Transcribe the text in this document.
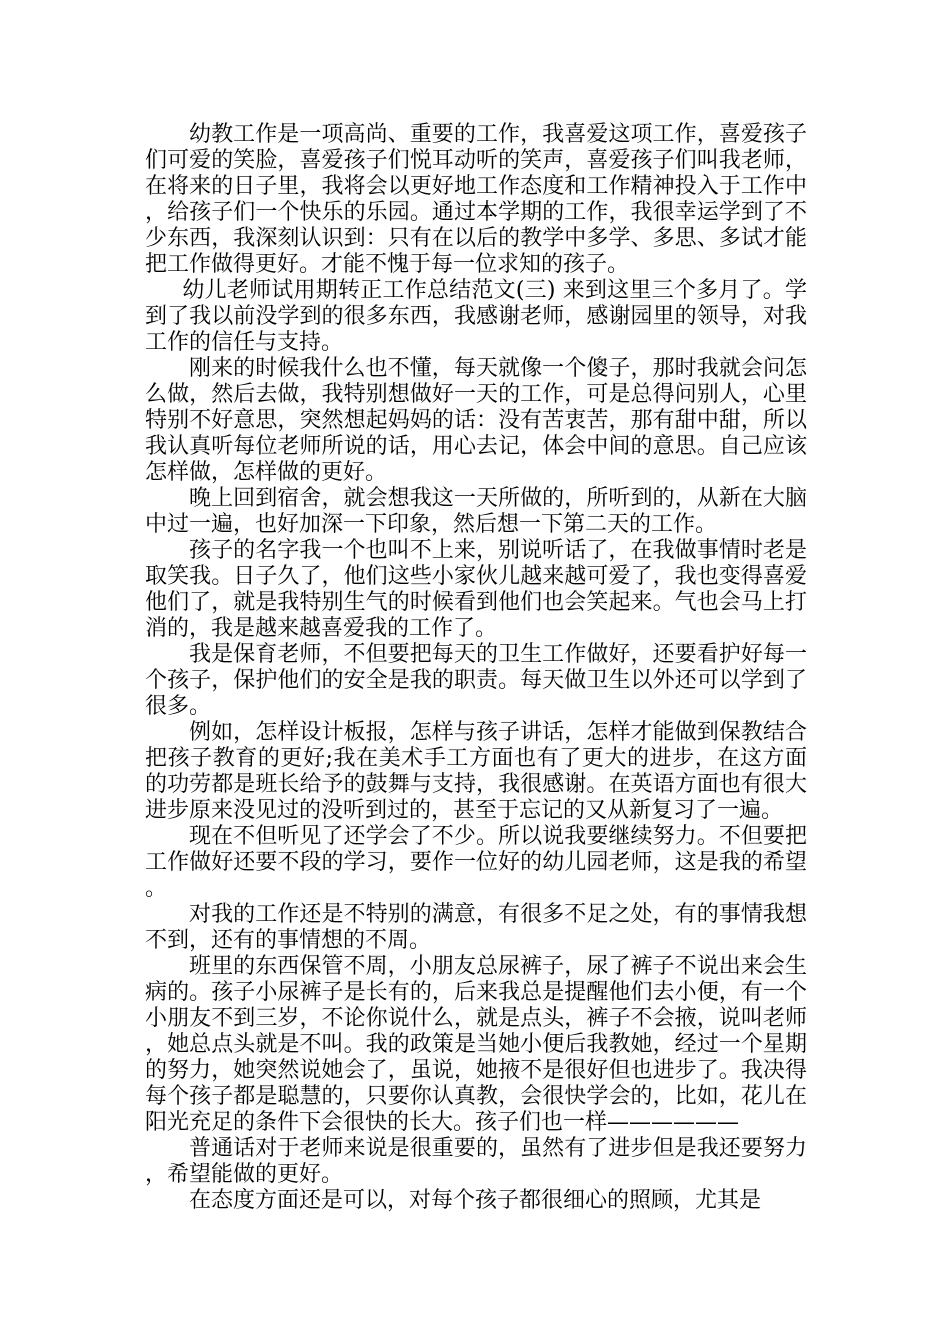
幼教工作是一项高尚、重要的工作，我喜爱这项工作，喜爱孩子们可爱的笑脸，喜爱孩子们悦耳动听的笑声，喜爱孩子们叫我老师，在将来的日子里，我将会以更好地工作态度和工作精神投入于工作中，给孩子们一个快乐的乐园。通过本学期的工作，我很幸运学到了不少东西，我深刻认识到：只有在以后的教学中多学、多思、多试才能把工作做得更好。才能不愧于每一位求知的孩子。

幼儿老师试用期转正工作总结范文(三) 来到这里三个多月了。学到了我以前没学到的很多东西，我感谢老师，感谢园里的领导，对我工作的信任与支持。

刚来的时候我什么也不懂，每天就像一个傻子，那时我就会问怎么做，然后去做，我特别想做好一天的工作，可是总得问别人，心里特别不好意思，突然想起妈妈的话：没有苦衷苦，那有甜中甜，所以我认真听每位老师所说的话，用心去记，体会中间的意思。自己应该怎样做，怎样做的更好。

晚上回到宿舍，就会想我这一天所做的，所听到的，从新在大脑中过一遍，也好加深一下印象，然后想一下第二天的工作。

孩子的名字我一个也叫不上来，别说听话了，在我做事情时老是取笑我。日子久了，他们这些小家伙儿越来越可爱了，我也变得喜爱他们了，就是我特别生气的时候看到他们也会笑起来。气也会马上打消的，我是越来越喜爱我的工作了。

我是保育老师，不但要把每天的卫生工作做好，还要看护好每一个孩子，保护他们的安全是我的职责。每天做卫生以外还可以学到了很多。

例如，怎样设计板报，怎样与孩子讲话，怎样才能做到保教结合把孩子教育的更好;我在美术手工方面也有了更大的进步，在这方面的功劳都是班长给予的鼓舞与支持，我很感谢。在英语方面也有很大进步原来没见过的没听到过的，甚至于忘记的又从新复习了一遍。

现在不但听见了还学会了不少。所以说我要继续努力。不但要把工作做好还要不段的学习，要作一位好的幼儿园老师，这是我的希望。

对我的工作还是不特别的满意，有很多不足之处，有的事情我想不到，还有的事情想的不周。

班里的东西保管不周，小朋友总尿裤子，尿了裤子不说出来会生病的。孩子小尿裤子是长有的，后来我总是提醒他们去小便，有一个小朋友不到三岁，不论你说什么，就是点头，裤子不会掖，说叫老师，她总点头就是不叫。我的政策是当她小便后我教她，经过一个星期的努力，她突然说她会了，虽说，她掖不是很好但也进步了。我决得每个孩子都是聪慧的，只要你认真教，会很快学会的，比如，花儿在阳光充足的条件下会很快的长大。孩子们也一样——————

普通话对于老师来说是很重要的，虽然有了进步但是我还要努力，希望能做的更好。

在态度方面还是可以，对每个孩子都很细心的照顾，尤其是
